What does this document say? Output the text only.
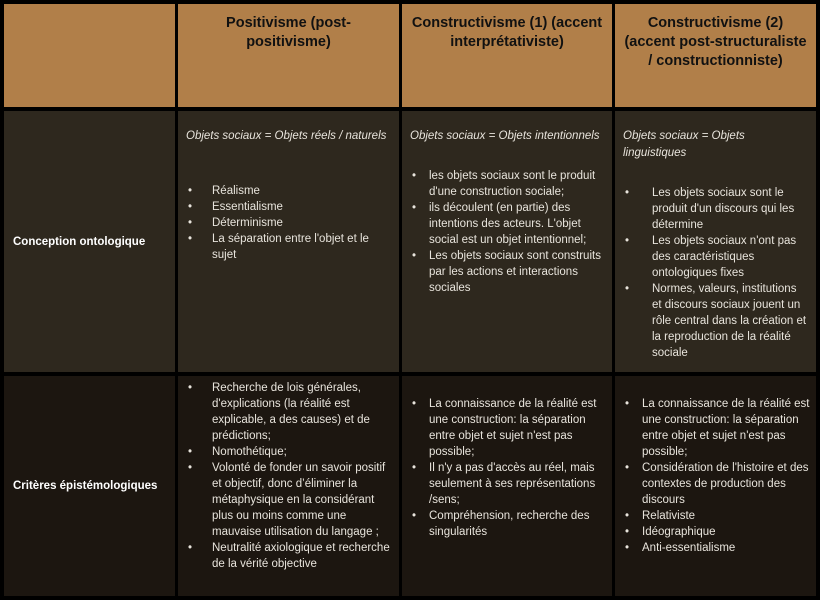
Positivisme (post-positivisme)
Constructivisme (1) (accent interprétativiste)
Constructivisme (2) (accent post-structuraliste / constructionniste)
Conception ontologique

Objets sociaux = Objets réels / naturels

• Réalisme
• Essentialisme
• Déterminisme
• La séparation entre l'objet et le sujet

Objets sociaux = Objets intentionnels

• les objets sociaux sont le produit d'une construction sociale;
• ils découlent (en partie) des intentions des acteurs. L'objet social est un objet intentionnel;
• Les objets sociaux sont construits par les actions et interactions sociales

Objets sociaux = Objets linguistiques

• Les objets sociaux sont le produit d'un discours qui les détermine
• Les objets sociaux n'ont pas des caractéristiques ontologiques fixes
• Normes, valeurs, institutions et discours sociaux jouent un rôle central dans la création et la reproduction de la réalité sociale
Critères épistémologiques
• Recherche de lois générales, d'explications (la réalité est explicable, a des causes) et de prédictions;
• Nomothétique;
• Volonté de fonder un savoir positif et objectif, donc d’éliminer la métaphysique en la considérant plus ou moins comme une mauvaise utilisation du langage ;
• Neutralité axiologique et recherche de la vérité objective
• La connaissance de la réalité est une construction: la séparation entre objet et sujet n'est pas possible;
• Il n'y a pas d'accès au réel, mais seulement à ses représentations /sens;
• Compréhension, recherche des singularités
• La connaissance de la réalité est une construction: la séparation entre objet et sujet n'est pas possible;
• Considération de l'histoire et des contextes de production des discours
• Relativiste
• Idéographique
• Anti-essentialisme
